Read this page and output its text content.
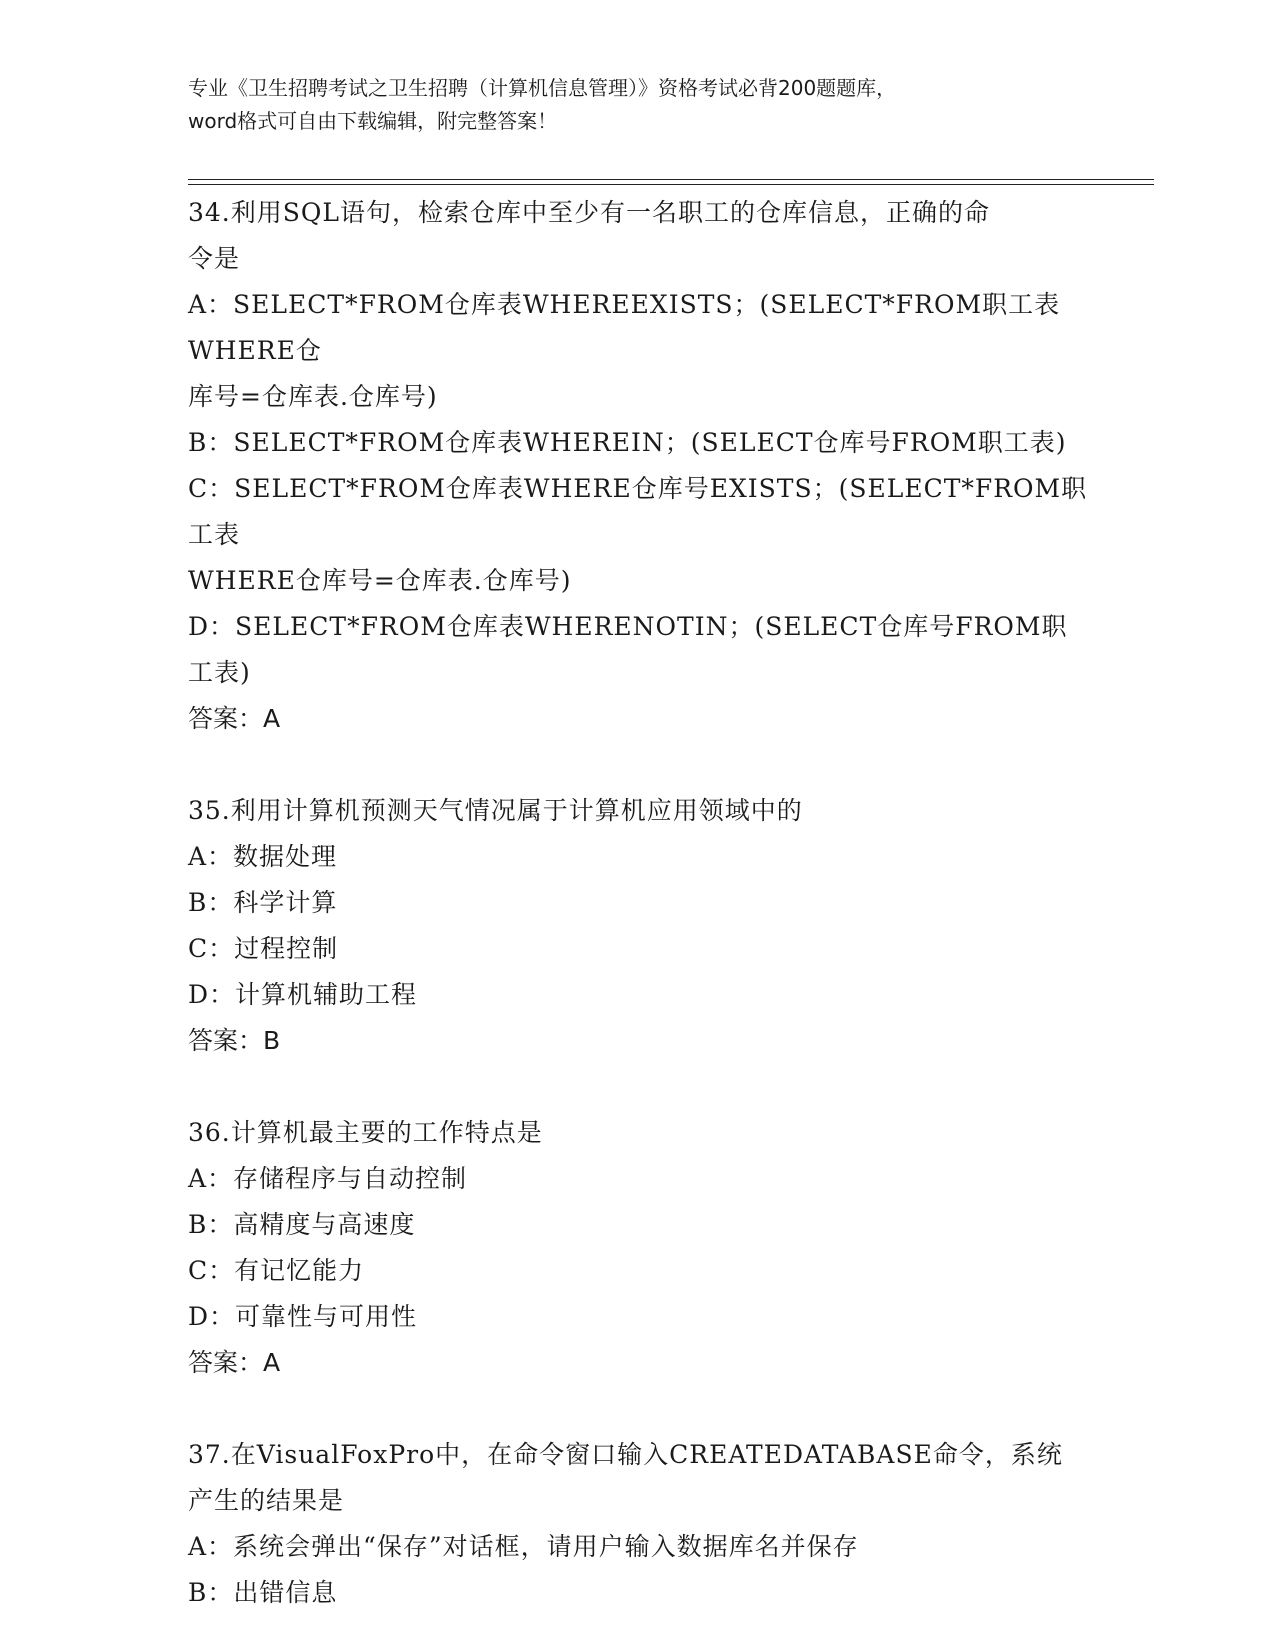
专业《卫生招聘考试之卫生招聘（计算机信息管理）》资格考试必背200题题库，
word格式可自由下载编辑，附完整答案！
34.利用SQL语句，检索仓库中至少有一名职工的仓库信息，正确的命
令是
A：SELECT*FROM仓库表WHEREEXISTS；(SELECT*FROM职工表WHERE仓
库号=仓库表.仓库号)
B：SELECT*FROM仓库表WHEREIN；(SELECT仓库号FROM职工表)
C：SELECT*FROM仓库表WHERE仓库号EXISTS；(SELECT*FROM职工表
WHERE仓库号=仓库表.仓库号)
D：SELECT*FROM仓库表WHERENOTIN；(SELECT仓库号FROM职工表)
答案：A
35.利用计算机预测天气情况属于计算机应用领域中的
A：数据处理
B：科学计算
C：过程控制
D：计算机辅助工程
答案：B
36.计算机最主要的工作特点是
A：存储程序与自动控制
B：高精度与高速度
C：有记忆能力
D：可靠性与可用性
答案：A
37.在VisualFoxPro中，在命令窗口输入CREATEDATABASE命令，系统
产生的结果是
A：系统会弹出“保存”对话框，请用户输入数据库名并保存
B：出错信息
